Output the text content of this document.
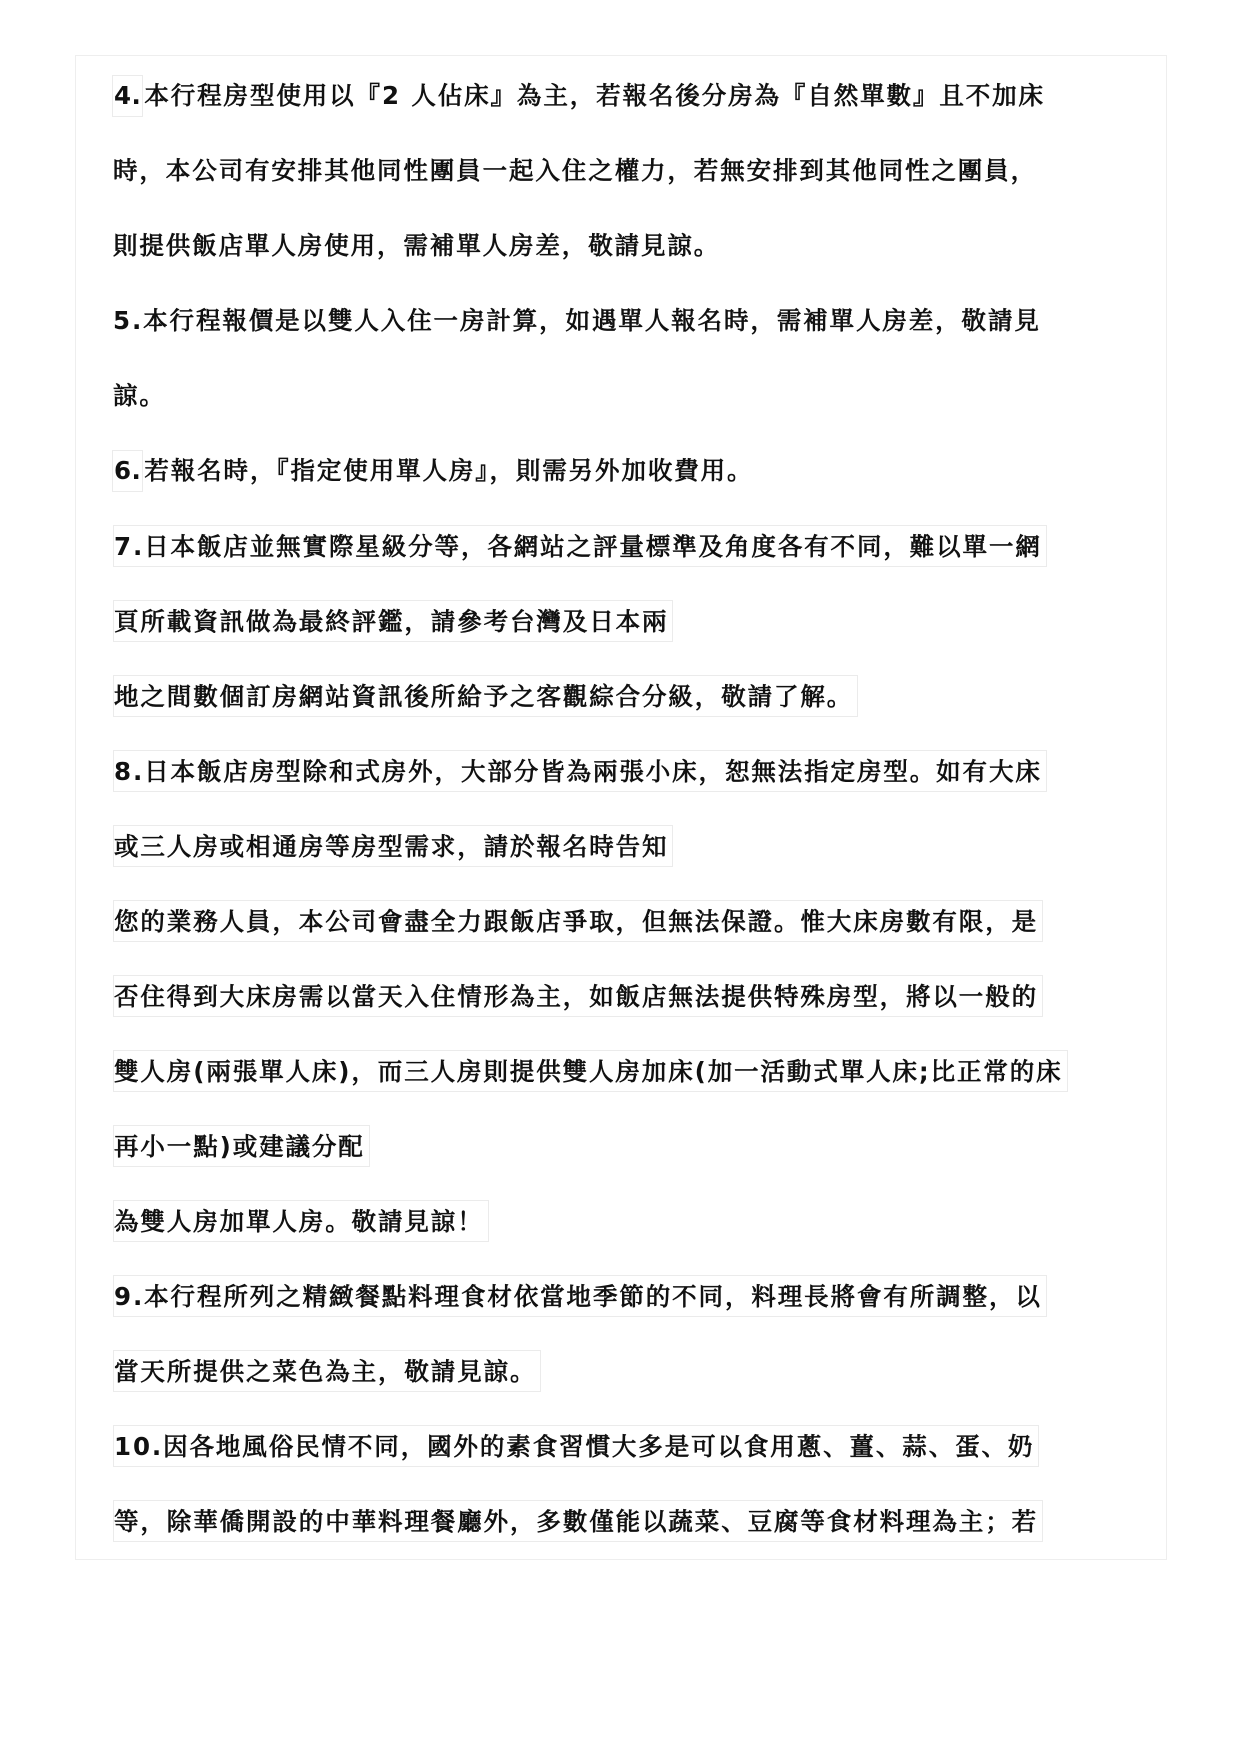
4. 本行程房型使用以『2 人佔床』為主，若報名後分房為『自然單數』且不加床
時，本公司有安排其他同性團員一起入住之權力，若無安排到其他同性之團員，
則提供飯店單人房使用，需補單人房差，敬請見諒。
5.本行程報價是以雙人入住一房計算，如遇單人報名時，需補單人房差，敬請見
諒。
6. 若報名時，『指定使用單人房』，則需另外加收費用。
7.日本飯店並無實際星級分等，各網站之評量標準及角度各有不同，難以單一網
頁所載資訊做為最終評鑑，請參考台灣及日本兩
地之間數個訂房網站資訊後所給予之客觀綜合分級，敬請了解。
8.日本飯店房型除和式房外，大部分皆為兩張小床，恕無法指定房型。如有大床
或三人房或相通房等房型需求，請於報名時告知
您的業務人員，本公司會盡全力跟飯店爭取，但無法保證。惟大床房數有限，是
否住得到大床房需以當天入住情形為主，如飯店無法提供特殊房型，將以一般的
雙人房(兩張單人床)，而三人房則提供雙人房加床(加一活動式單人床;比正常的床
再小一點)或建議分配
為雙人房加單人房。敬請見諒！
9.本行程所列之精緻餐點料理食材依當地季節的不同，料理長將會有所調整，以
當天所提供之菜色為主，敬請見諒。
10.因各地風俗民情不同，國外的素食習慣大多是可以食用蔥、薑、蒜、蛋、奶
等，除華僑開設的中華料理餐廳外，多數僅能以蔬菜、豆腐等食材料理為主；若
